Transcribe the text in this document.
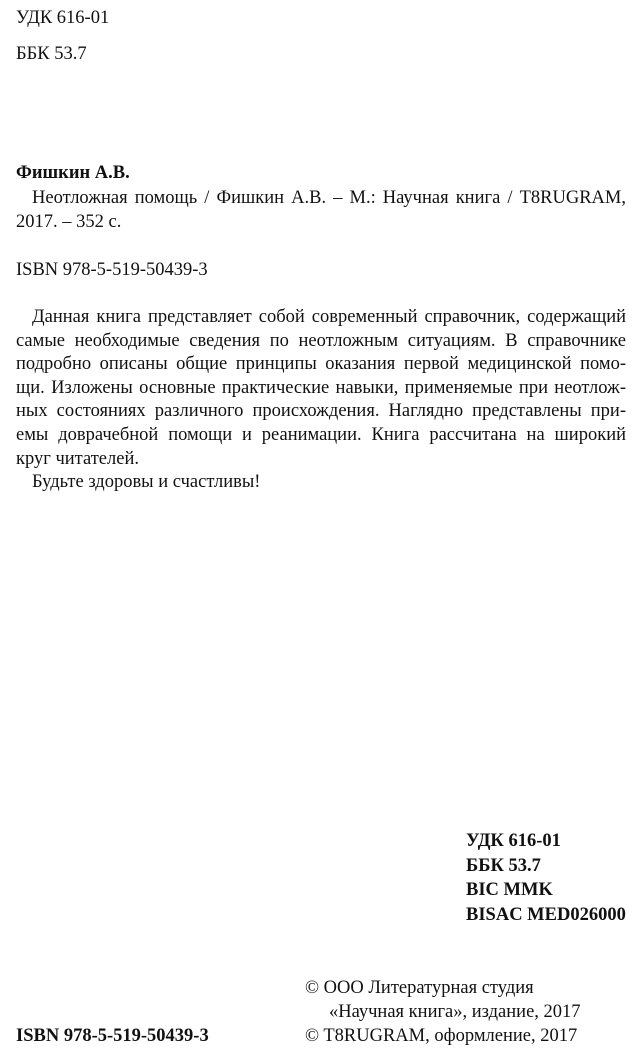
УДК 616-01
ББК 53.7
Фишкин А.В.
Неотложная помощь / Фишкин А.В. – М.: Научная книга / T8RUGRAM,
2017. – 352 с.
ISBN 978-5-519-50439-3
Данная книга представляет собой современный справочник, содержащий
самые необходимые сведения по неотложным ситуациям. В справочнике
подробно описаны общие принципы оказания первой медицинской помо-
щи. Изложены основные практические навыки, применяемые при неотлож-
ных состояниях различного происхождения. Наглядно представлены при-
емы доврачебной помощи и реанимации. Книга рассчитана на широкий
круг читателей.
Будьте здоровы и счастливы!
УДК 616-01
ББК 53.7
BIC MMK
BISAC MED026000
© ООО Литературная студия
«Научная книга», издание, 2017
© T8RUGRAM, оформление, 2017
ISBN 978-5-519-50439-3
